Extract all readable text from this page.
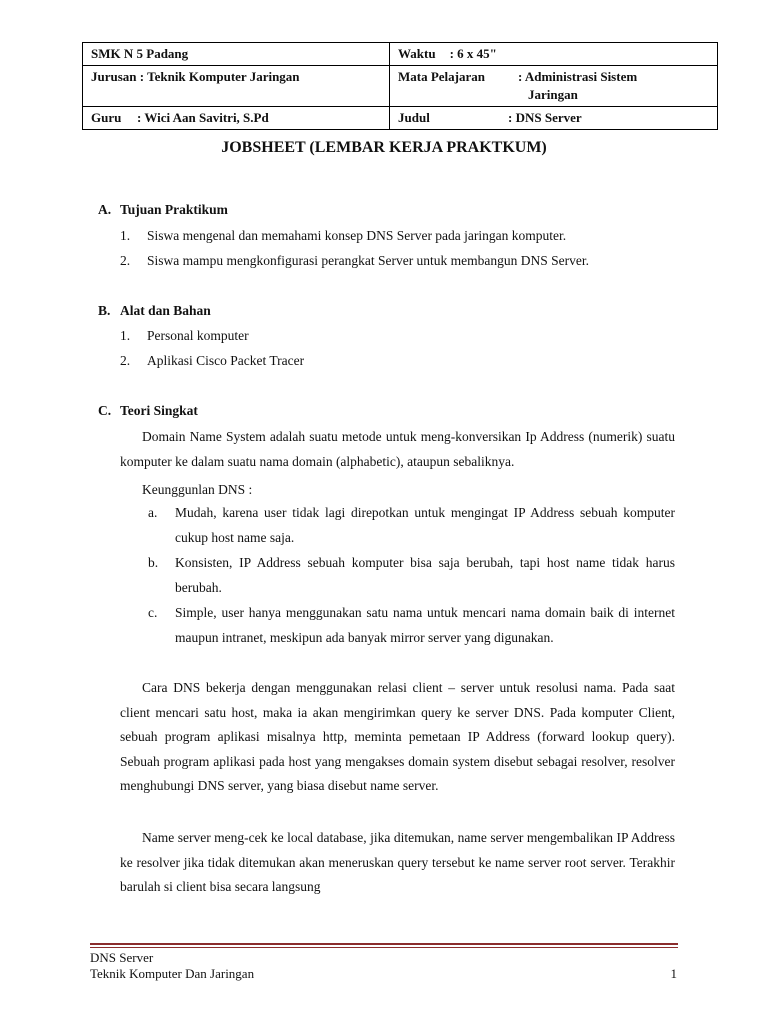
SMK N 5 Padang	Waktu : 6 x 45"
Jurusan : Teknik Komputer Jaringan	Mata Pelajaran : Administrasi Sistem
Jaringan

Guru : Wici Aan Savitri, S.Pd	Judul : DNS Server
JOBSHEET (LEMBAR KERJA PRAKTKUM)
A. Tujuan Praktikum
1. Siswa mengenal dan memahami konsep DNS Server pada jaringan komputer.
2. Siswa mampu mengkonfigurasi perangkat Server untuk membangun DNS Server.
B. Alat dan Bahan
1. Personal komputer
2. Aplikasi Cisco Packet Tracer
C. Teori Singkat
Domain Name System adalah suatu metode untuk meng-konversikan Ip Address (numerik) suatu komputer ke dalam suatu nama domain (alphabetic), ataupun sebaliknya.
Keunggunlan DNS :
a. Mudah, karena user tidak lagi direpotkan untuk mengingat IP Address sebuah komputer cukup host name saja.
b. Konsisten, IP Address sebuah komputer bisa saja berubah, tapi host name tidak harus berubah.
c. Simple, user hanya menggunakan satu nama untuk mencari nama domain baik di internet maupun intranet, meskipun ada banyak mirror server yang digunakan.
Cara DNS bekerja dengan menggunakan relasi client – server untuk resolusi nama. Pada saat client mencari satu host, maka ia akan mengirimkan query ke server DNS. Pada komputer Client, sebuah program aplikasi misalnya http, meminta pemetaan IP Address (forward lookup query). Sebuah program aplikasi pada host yang mengakses domain system disebut sebagai resolver, resolver menghubungi DNS server, yang biasa disebut name server.
Name server meng-cek ke local database, jika ditemukan, name server mengembalikan IP Address ke resolver jika tidak ditemukan akan meneruskan query tersebut ke name server root server. Terakhir barulah si client bisa secara langsung
DNS Server
Teknik Komputer Dan Jaringan	1
